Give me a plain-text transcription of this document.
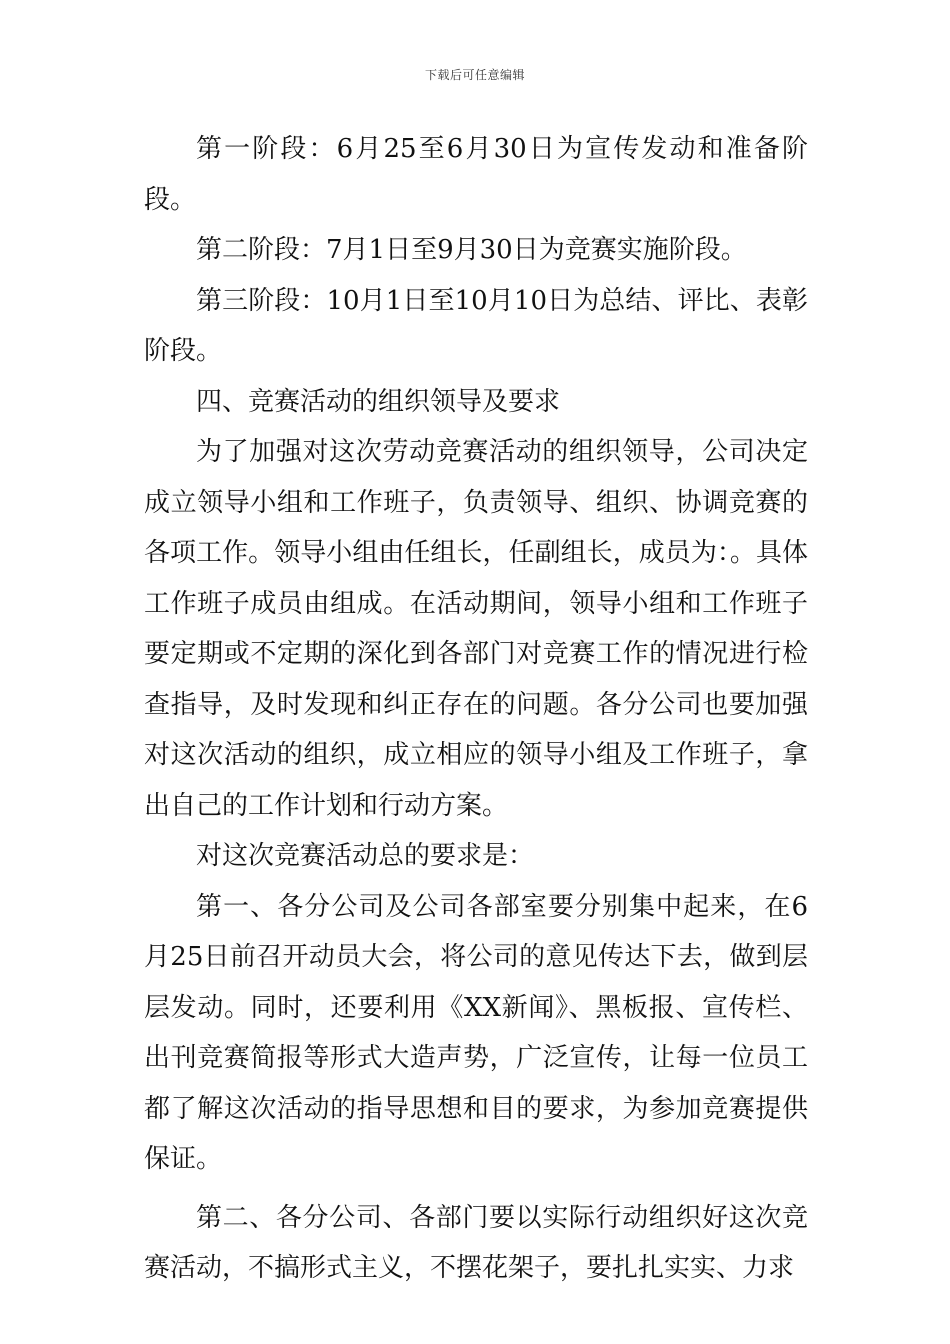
下载后可任意编辑

第一阶段：6月25至6月30日为宣传发动和准备阶段。

第二阶段：7月1日至9月30日为竞赛实施阶段。

第三阶段：10月1日至10月10日为总结、评比、表彰阶段。

四、竞赛活动的组织领导及要求

为了加强对这次劳动竞赛活动的组织领导，公司决定成立领导小组和工作班子，负责领导、组织、协调竞赛的各项工作。领导小组由任组长，任副组长，成员为：。具体工作班子成员由组成。在活动期间，领导小组和工作班子要定期或不定期的深化到各部门对竞赛工作的情况进行检查指导，及时发现和纠正存在的问题。各分公司也要加强对这次活动的组织，成立相应的领导小组及工作班子，拿出自己的工作计划和行动方案。

对这次竞赛活动总的要求是：

第一、各分公司及公司各部室要分别集中起来，在6月25日前召开动员大会，将公司的意见传达下去，做到层层发动。同时，还要利用《XX新闻》、黑板报、宣传栏、出刊竞赛简报等形式大造声势，广泛宣传，让每一位员工都了解这次活动的指导思想和目的要求，为参加竞赛提供保证。

第二、各分公司、各部门要以实际行动组织好这次竞赛活动，不搞形式主义，不摆花架子，要扎扎实实、力求
